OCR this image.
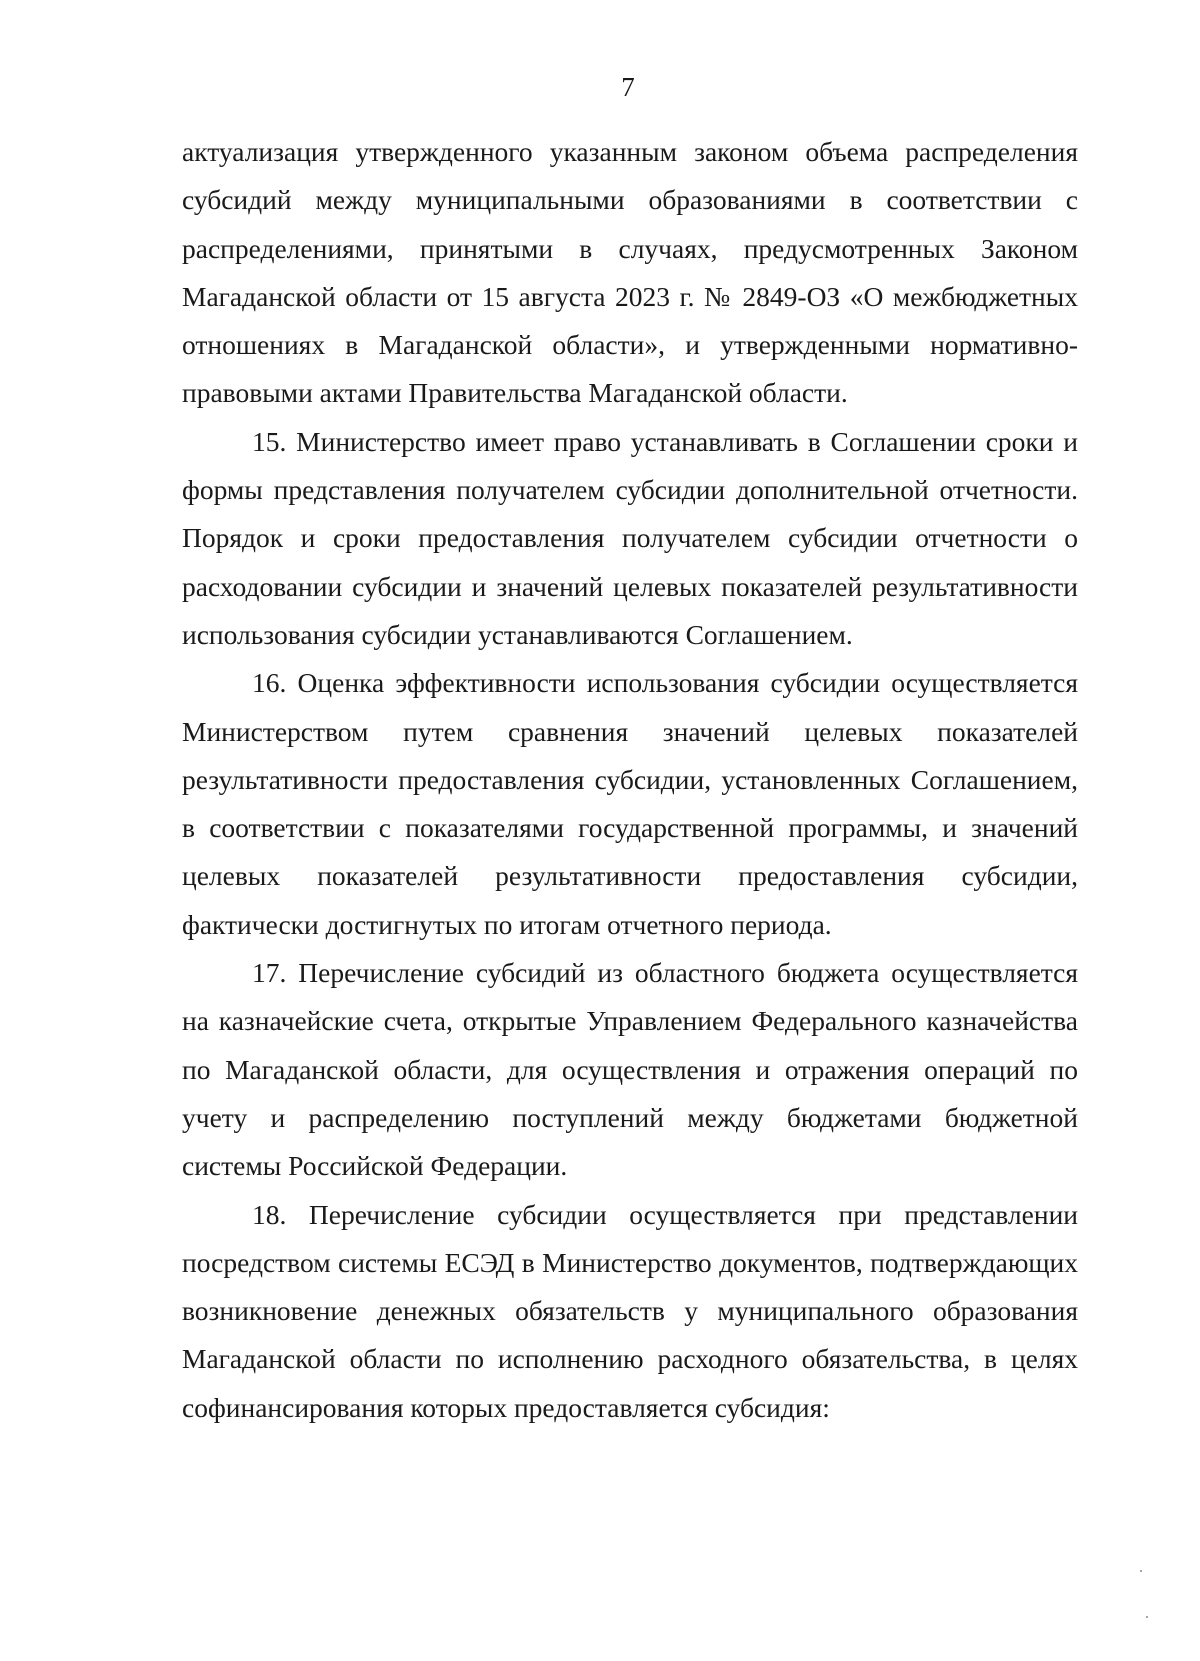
7

актуализация утвержденного указанным законом объема распределения субсидий между муниципальными образованиями в соответствии с распределениями, принятыми в случаях, предусмотренных Законом Магаданской области от 15 августа 2023 г. № 2849-ОЗ «О межбюджетных отношениях в Магаданской области», и утвержденными нормативно-правовыми актами Правительства Магаданской области.

15. Министерство имеет право устанавливать в Соглашении сроки и формы представления получателем субсидии дополнительной отчетности. Порядок и сроки предоставления получателем субсидии отчетности о расходовании субсидии и значений целевых показателей результативности использования субсидии устанавливаются Соглашением.

16. Оценка эффективности использования субсидии осуществляется Министерством путем сравнения значений целевых показателей результативности предоставления субсидии, установленных Соглашением, в соответствии с показателями государственной программы, и значений целевых показателей результативности предоставления субсидии, фактически достигнутых по итогам отчетного периода.

17. Перечисление субсидий из областного бюджета осуществляется на казначейские счета, открытые Управлением Федерального казначейства по Магаданской области, для осуществления и отражения операций по учету и распределению поступлений между бюджетами бюджетной системы Российской Федерации.

18. Перечисление субсидии осуществляется при представлении посредством системы ЕСЭД в Министерство документов, подтверждающих возникновение денежных обязательств у муниципального образования Магаданской области по исполнению расходного обязательства, в целях софинансирования которых предоставляется субсидия:
